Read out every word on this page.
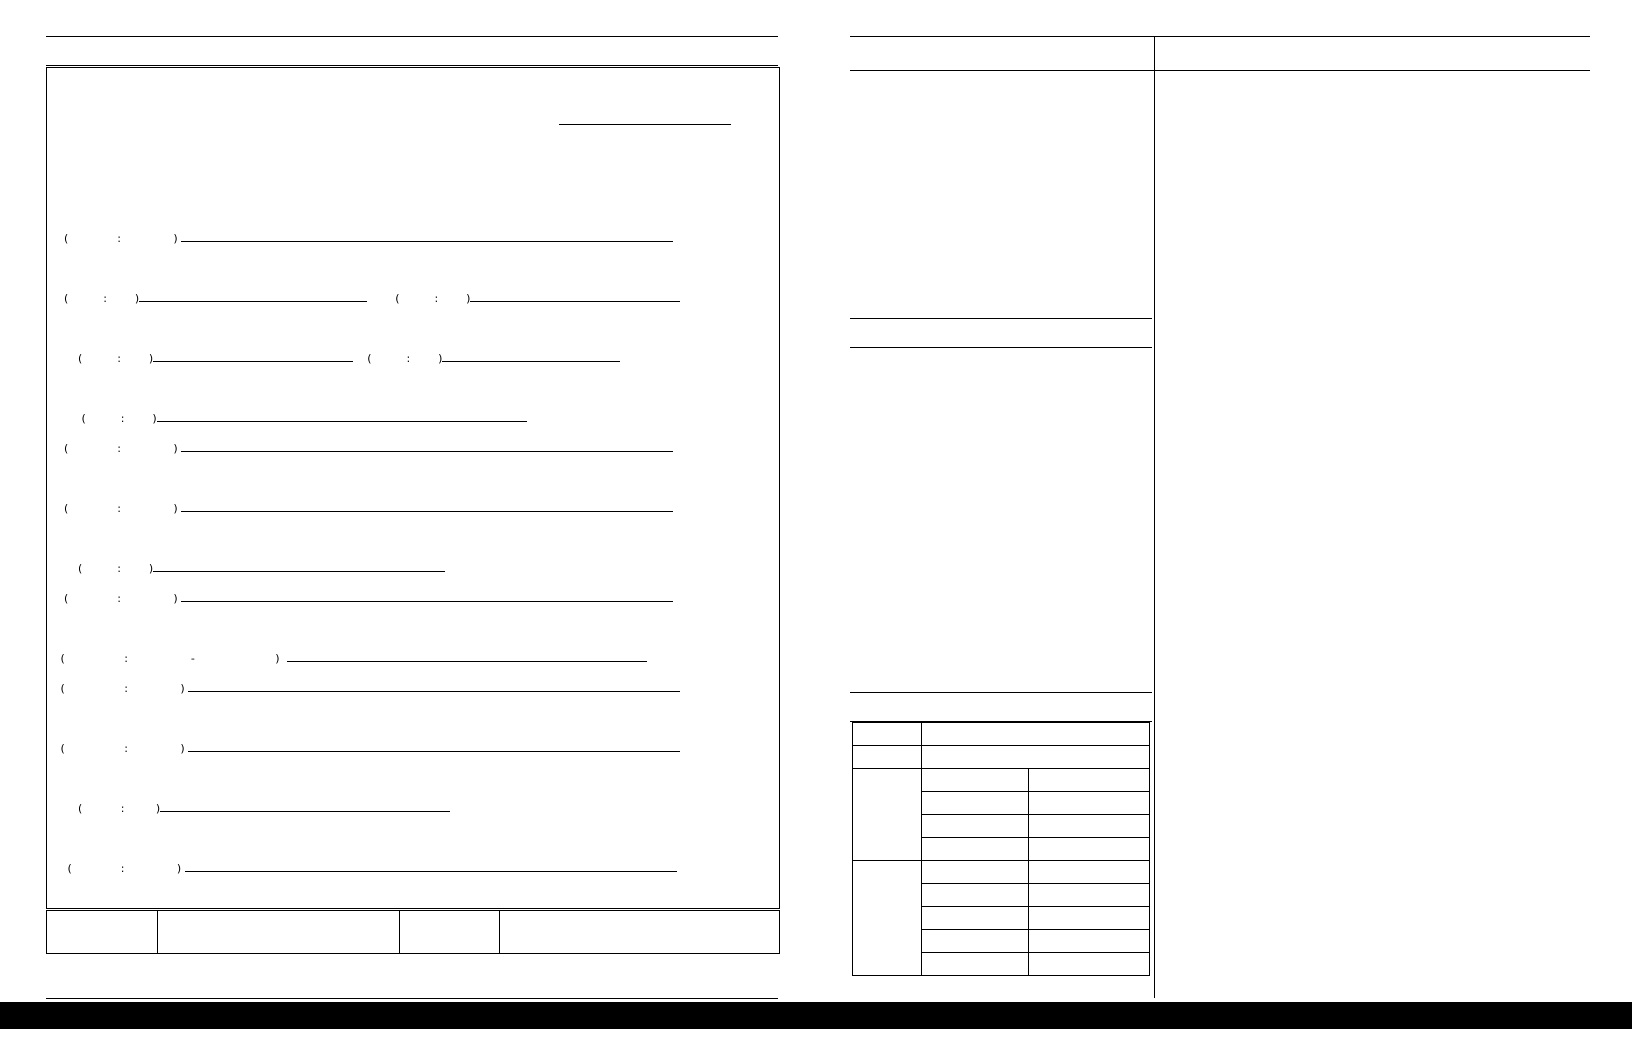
(              :               )
(          :        )	(          :        )
(          :        )	(          :        )
(          :        )
(              :               )
(              :               )
(          :        )
(              :               )
(                 :                  -                       )
(                 :               )
(                 :               )
(           :         )
(              :               )
